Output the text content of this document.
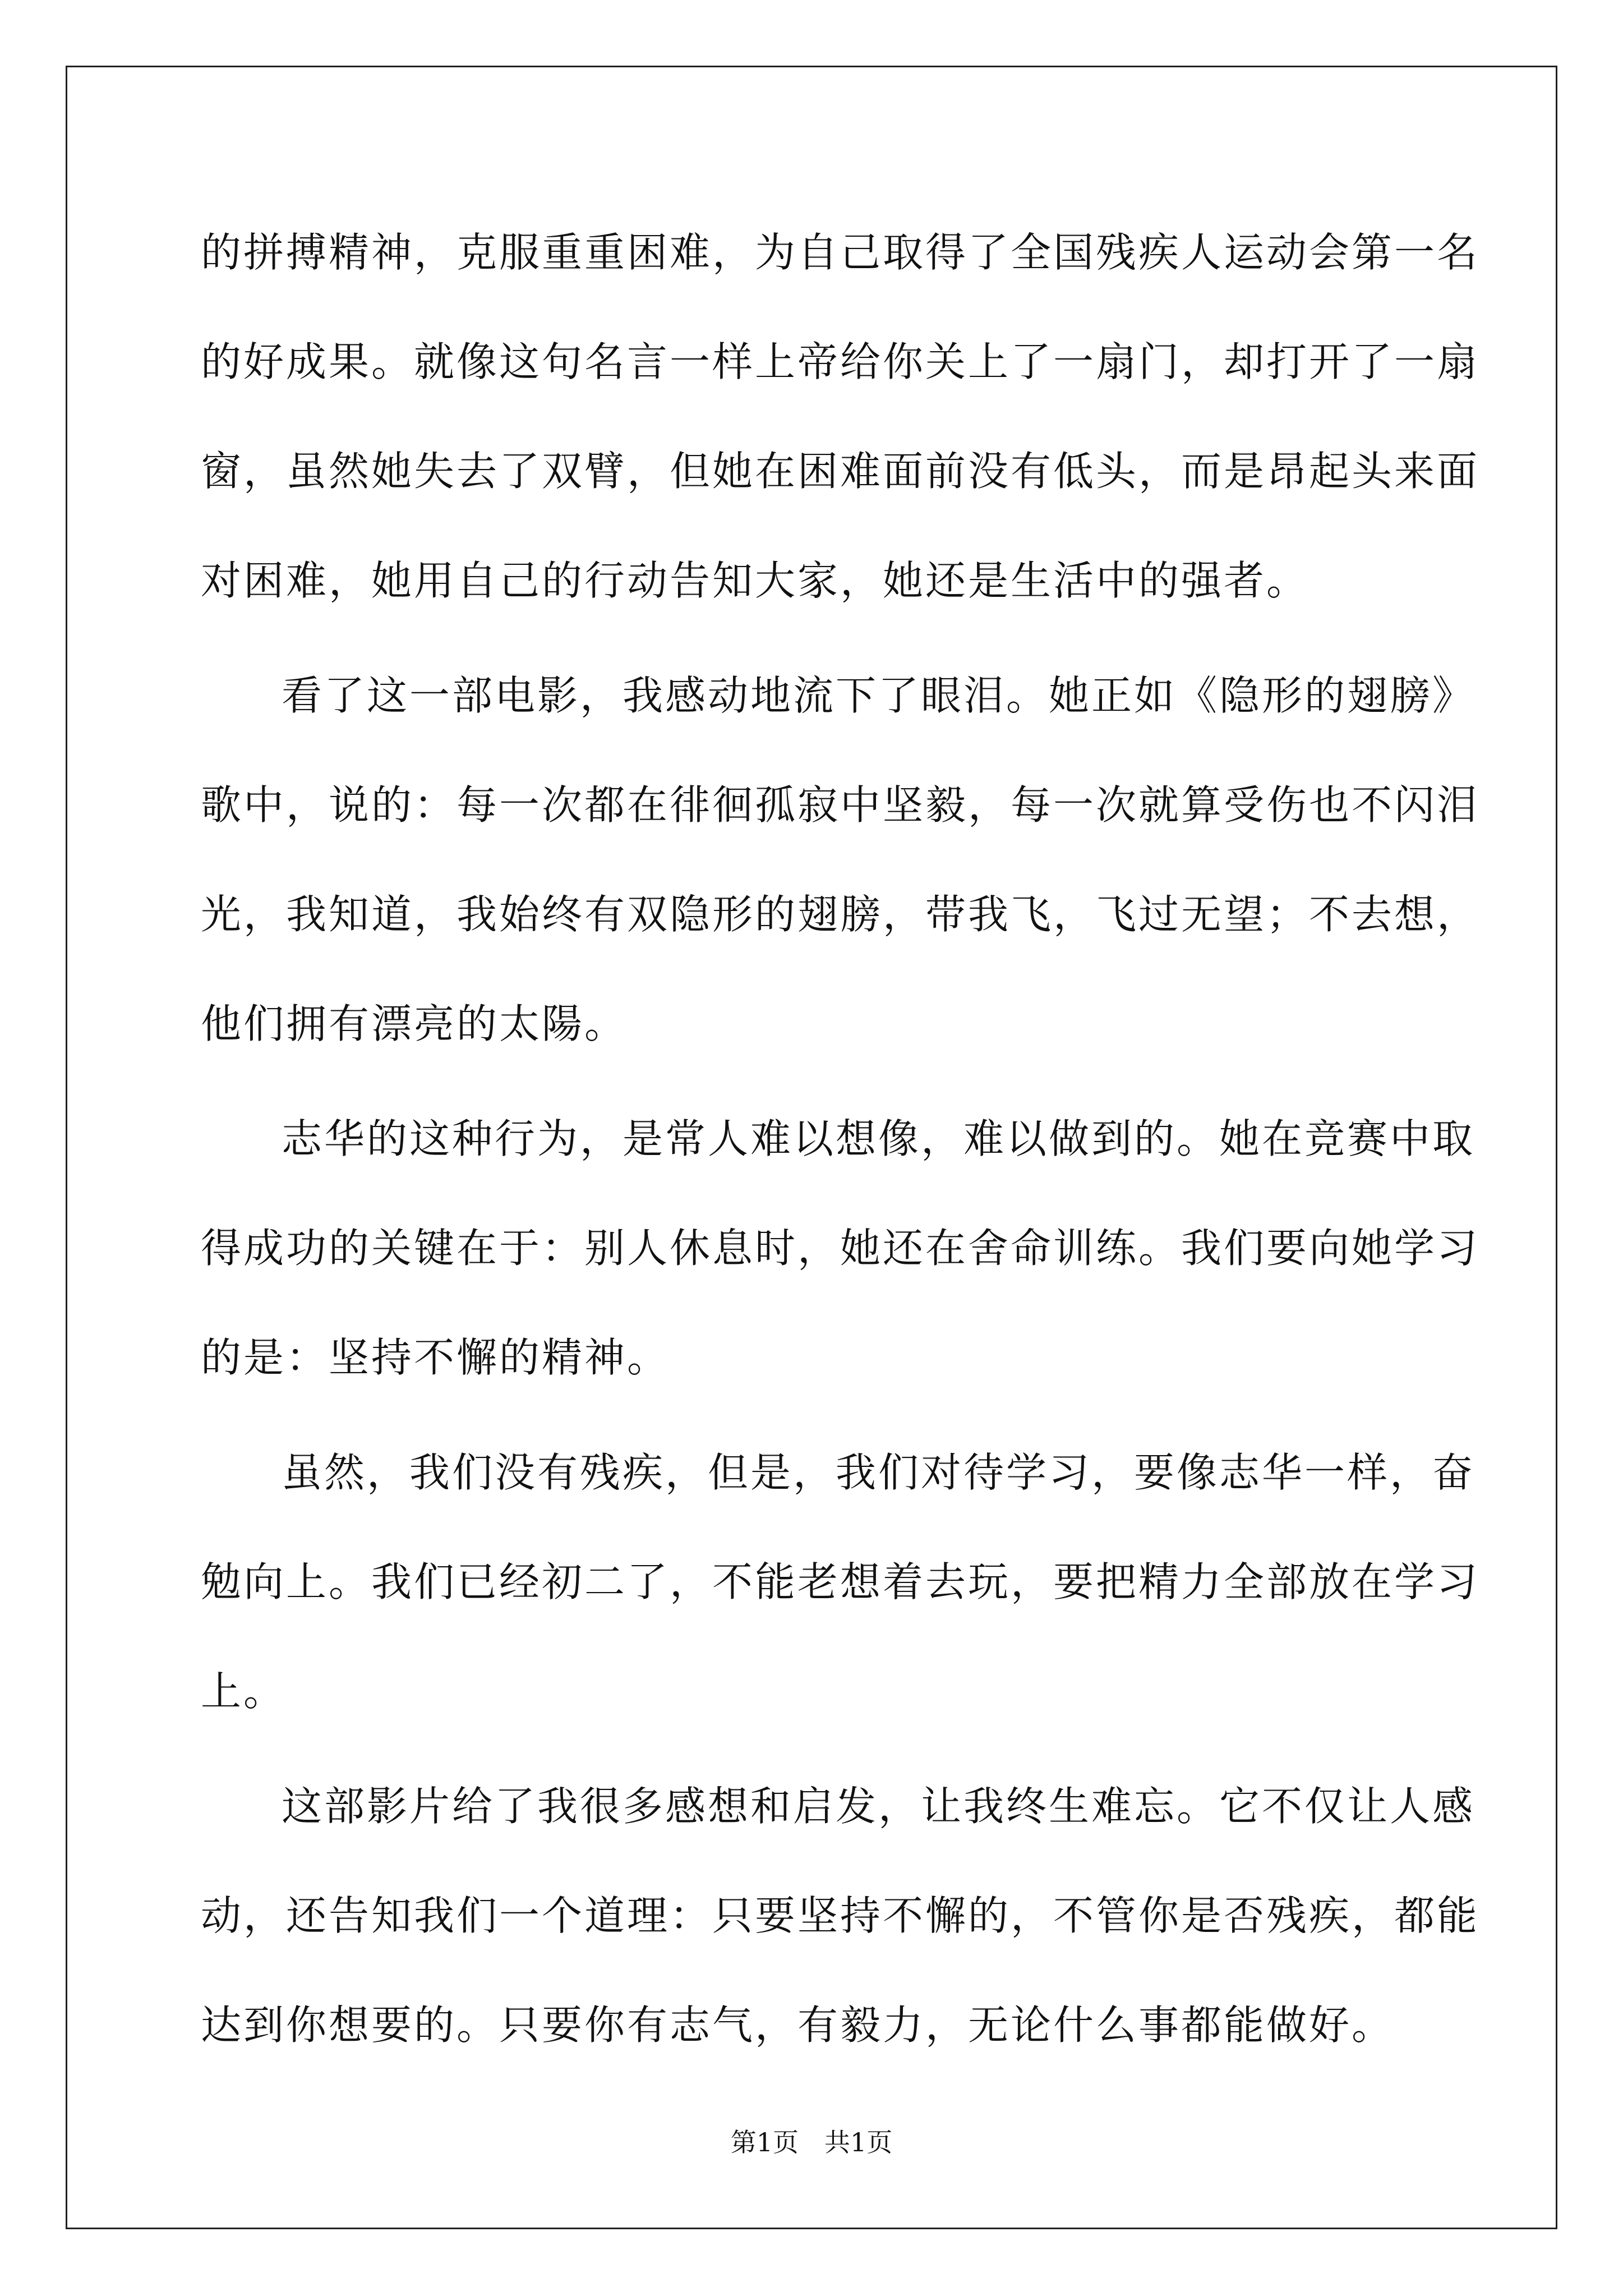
的拼搏精神，克服重重困难，为自己取得了全国残疾人运动会第一名
的好成果。就像这句名言一样上帝给你关上了一扇门，却打开了一扇
窗，虽然她失去了双臂，但她在困难面前没有低头，而是昂起头来面
对困难，她用自己的行动告知大家，她还是生活中的强者。
看了这一部电影，我感动地流下了眼泪。她正如《隐形的翅膀》
歌中，说的：每一次都在徘徊孤寂中坚毅，每一次就算受伤也不闪泪
光，我知道，我始终有双隐形的翅膀，带我飞，飞过无望；不去想，
他们拥有漂亮的太陽。
志华的这种行为，是常人难以想像，难以做到的。她在竞赛中取
得成功的关键在于：别人休息时，她还在舍命训练。我们要向她学习
的是：坚持不懈的精神。
虽然，我们没有残疾，但是，我们对待学习，要像志华一样，奋
勉向上。我们已经初二了，不能老想着去玩，要把精力全部放在学习
上。
这部影片给了我很多感想和启发，让我终生难忘。它不仅让人感
动，还告知我们一个道理：只要坚持不懈的，不管你是否残疾，都能
达到你想要的。只要你有志气，有毅力，无论什么事都能做好。
第1页　共1页
